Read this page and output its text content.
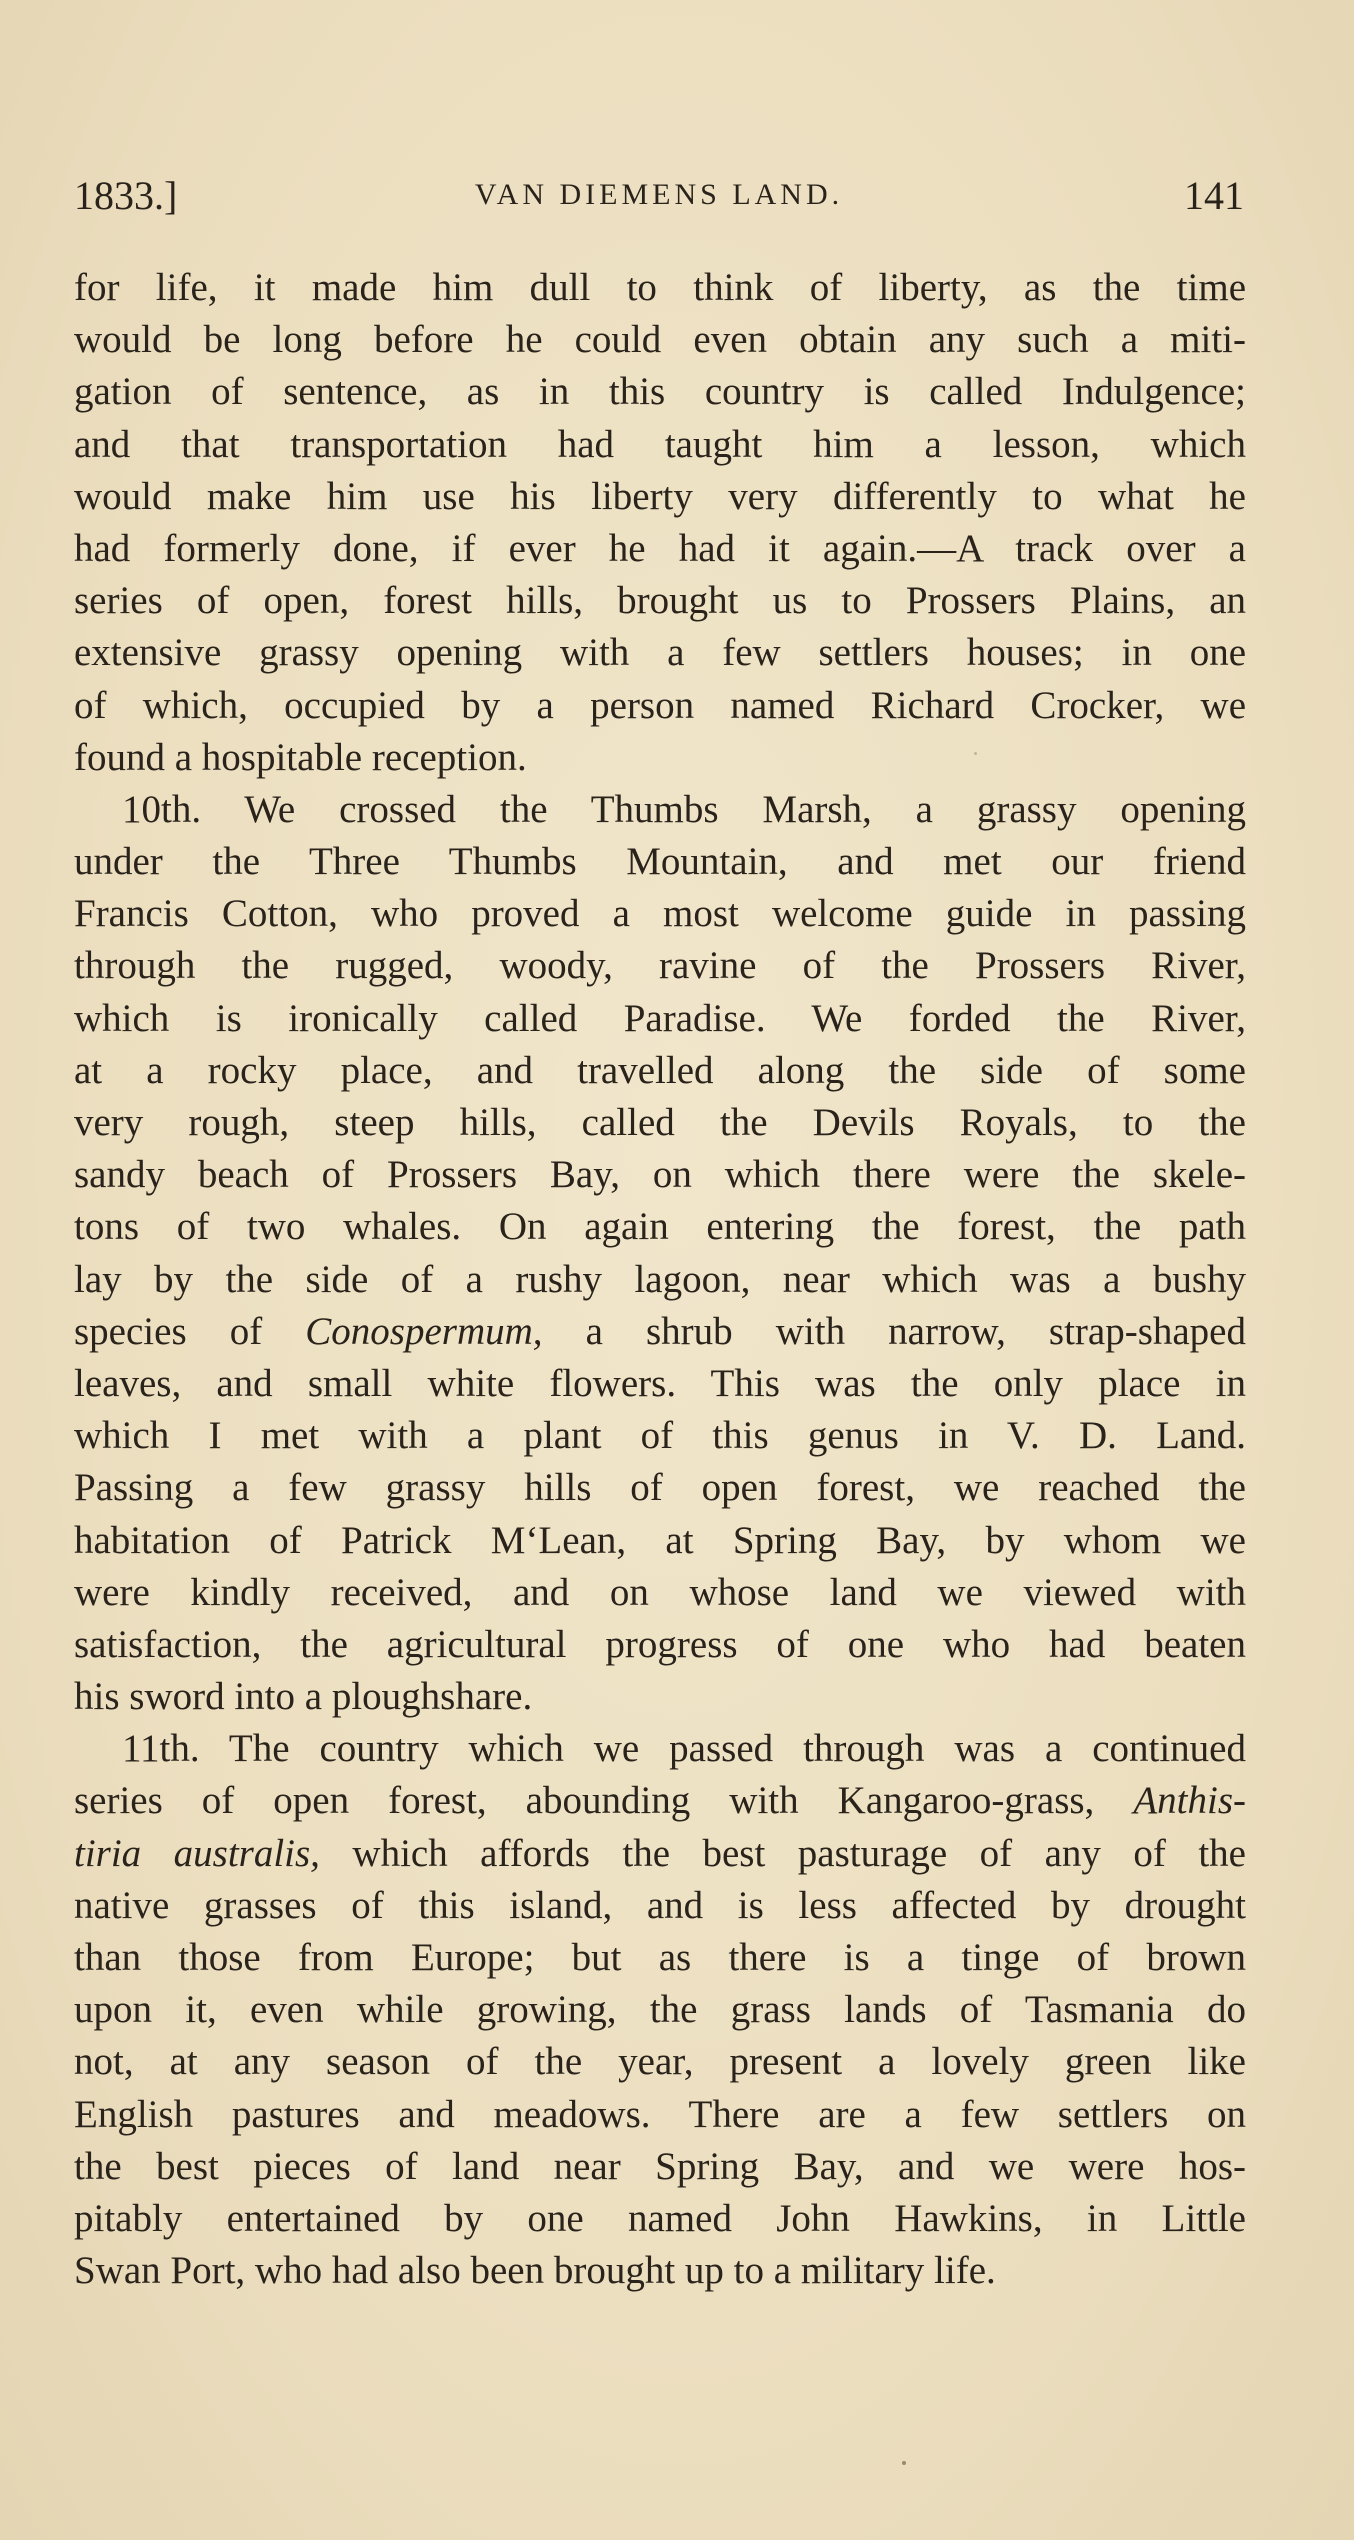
1833.]	VAN DIEMENS LAND.	141
for life, it made him dull to think of liberty, as the time
would be long before he could even obtain any such a miti-
gation of sentence, as in this country is called Indulgence;
and that transportation had taught him a lesson, which
would make him use his liberty very differently to what he
had formerly done, if ever he had it again.—A track over a
series of open, forest hills, brought us to Prossers Plains, an
extensive grassy opening with a few settlers houses; in one
of which, occupied by a person named Richard Crocker, we
found a hospitable reception.
10th. We crossed the Thumbs Marsh, a grassy opening
under the Three Thumbs Mountain, and met our friend
Francis Cotton, who proved a most welcome guide in passing
through the rugged, woody, ravine of the Prossers River,
which is ironically called Paradise. We forded the River,
at a rocky place, and travelled along the side of some
very rough, steep hills, called the Devils Royals, to the
sandy beach of Prossers Bay, on which there were the skele-
tons of two whales. On again entering the forest, the path
lay by the side of a rushy lagoon, near which was a bushy
species of Conospermum, a shrub with narrow, strap-shaped
leaves, and small white flowers. This was the only place in
which I met with a plant of this genus in V. D. Land.
Passing a few grassy hills of open forest, we reached the
habitation of Patrick M‘Lean, at Spring Bay, by whom we
were kindly received, and on whose land we viewed with
satisfaction, the agricultural progress of one who had beaten
his sword into a ploughshare.
11th. The country which we passed through was a continued
series of open forest, abounding with Kangaroo-grass, Anthis-
tiria australis, which affords the best pasturage of any of the
native grasses of this island, and is less affected by drought
than those from Europe; but as there is a tinge of brown
upon it, even while growing, the grass lands of Tasmania do
not, at any season of the year, present a lovely green like
English pastures and meadows. There are a few settlers on
the best pieces of land near Spring Bay, and we were hos-
pitably entertained by one named John Hawkins, in Little
Swan Port, who had also been brought up to a military life.
